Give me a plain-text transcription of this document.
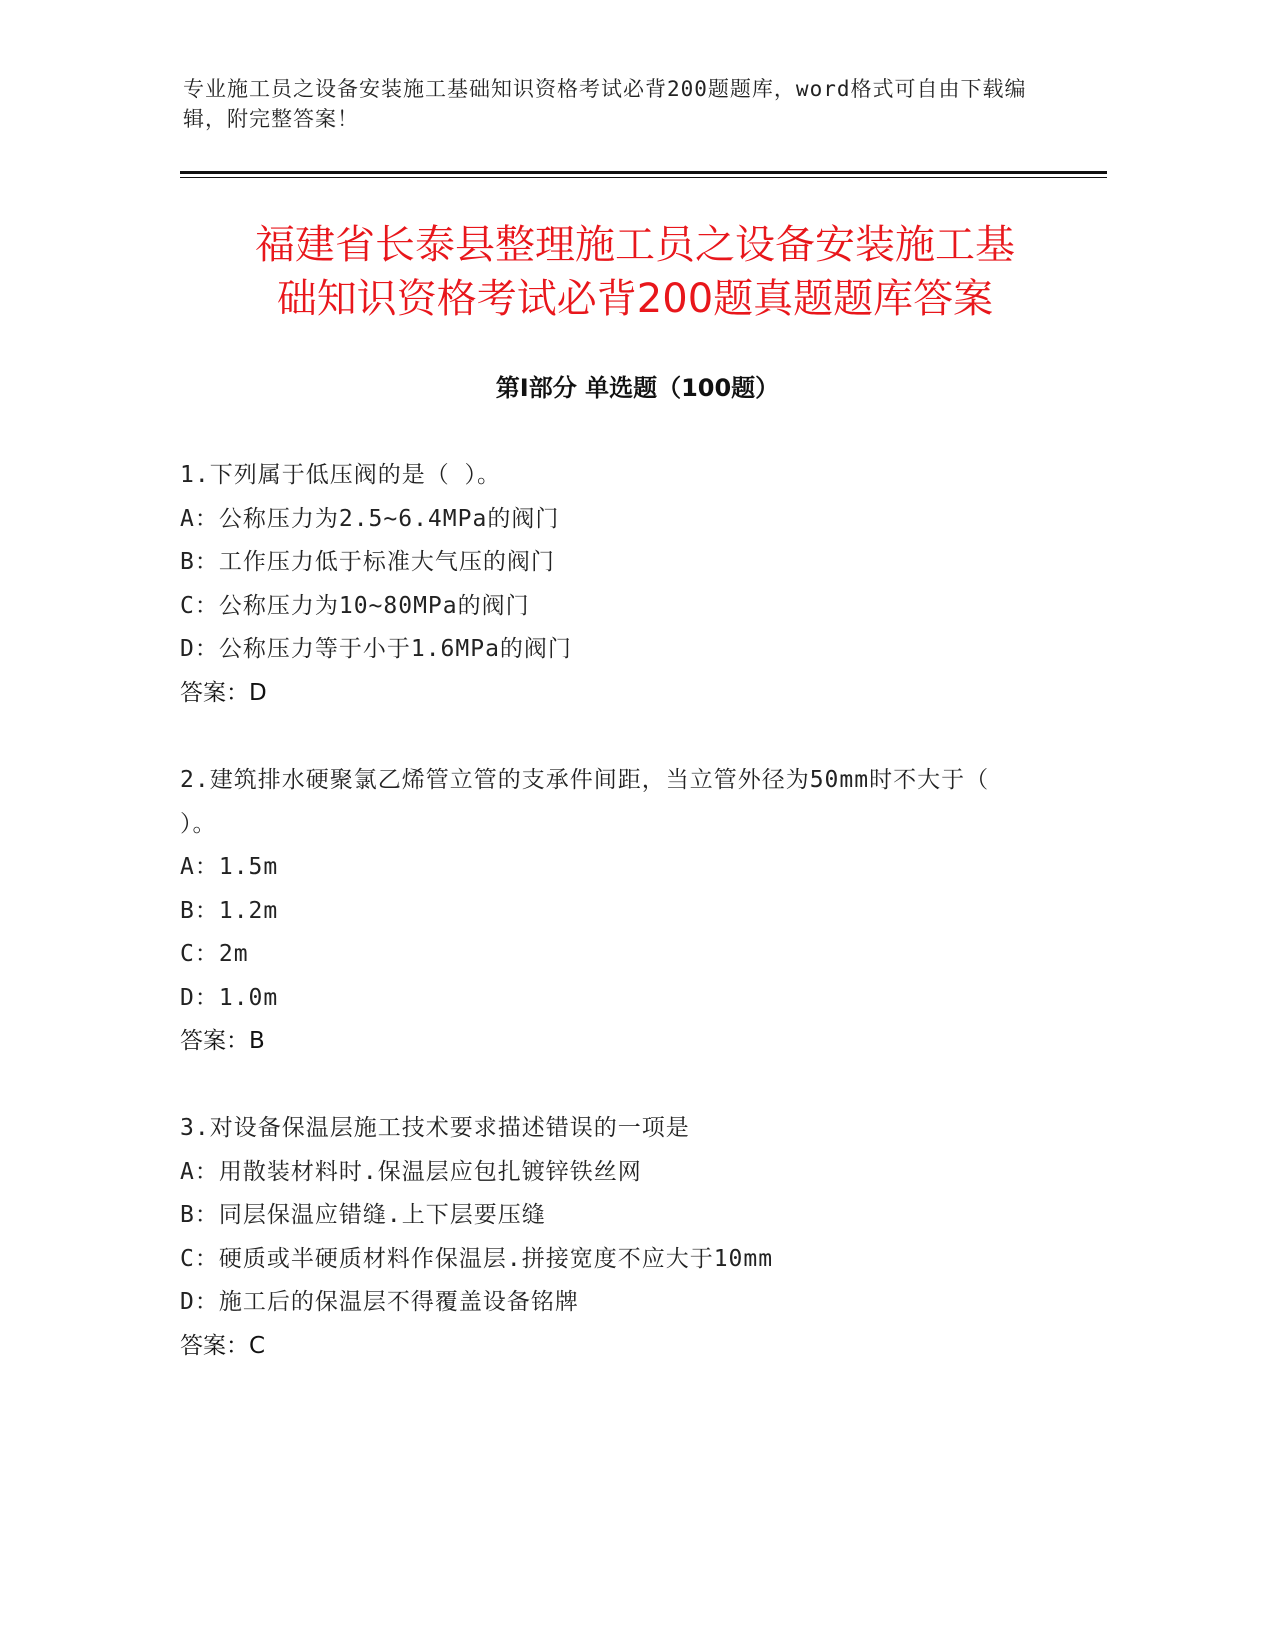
专业施工员之设备安装施工基础知识资格考试必背200题题库，word格式可自由下载编辑，附完整答案！
福建省长泰县整理施工员之设备安装施工基
础知识资格考试必背200题真题题库答案
第Ⅰ部分 单选题（100题）

1.下列属于低压阀的是（ ）。

A：公称压力为2.5~6.4MPa的阀门

B：工作压力低于标准大气压的阀门

C：公称压力为10~80MPa的阀门

D：公称压力等于小于1.6MPa的阀门

答案：D

2.建筑排水硬聚氯乙烯管立管的支承件间距，当立管外径为50mm时不大于（ ）。

A：1.5m

B：1.2m

C：2m

D：1.0m

答案：B

3.对设备保温层施工技术要求描述错误的一项是

A：用散装材料时.保温层应包扎镀锌铁丝网

B：同层保温应错缝.上下层要压缝

C：硬质或半硬质材料作保温层.拼接宽度不应大于10mm

D：施工后的保温层不得覆盖设备铭牌

答案：C
